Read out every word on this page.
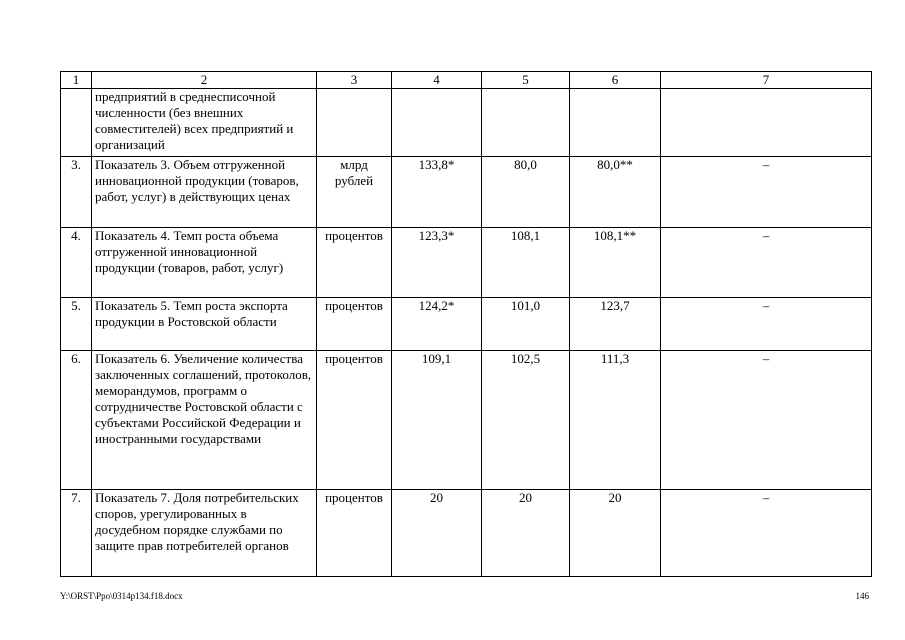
1	2	3	4	5	6	7
	предприятий в среднесписочной численности (без внешних совместителей) всех предприятий и организаций					
3.	Показатель 3. Объем отгруженной инновационной продукции (товаров, работ, услуг) в действующих ценах	млрд рублей	133,8*	80,0	80,0**	–
4.	Показатель 4. Темп роста объема отгруженной инновационной продукции (товаров, работ, услуг)	процентов	123,3*	108,1	108,1**	–
5.	Показатель 5. Темп роста экспорта продукции в Ростовской области	процентов	124,2*	101,0	123,7	–
6.	Показатель 6. Увеличение количества заключенных соглашений, протоколов, меморандумов, программ о сотрудничестве Ростовской области с субъектами Российской Федерации и иностранными государствами	процентов	109,1	102,5	111,3	–
7.	Показатель 7. Доля потребительских споров, урегулированных в досудебном порядке службами по защите прав потребителей органов	процентов	20	20	20	–
Y:\ORST\Ppo\0314p134.f18.docx	146
